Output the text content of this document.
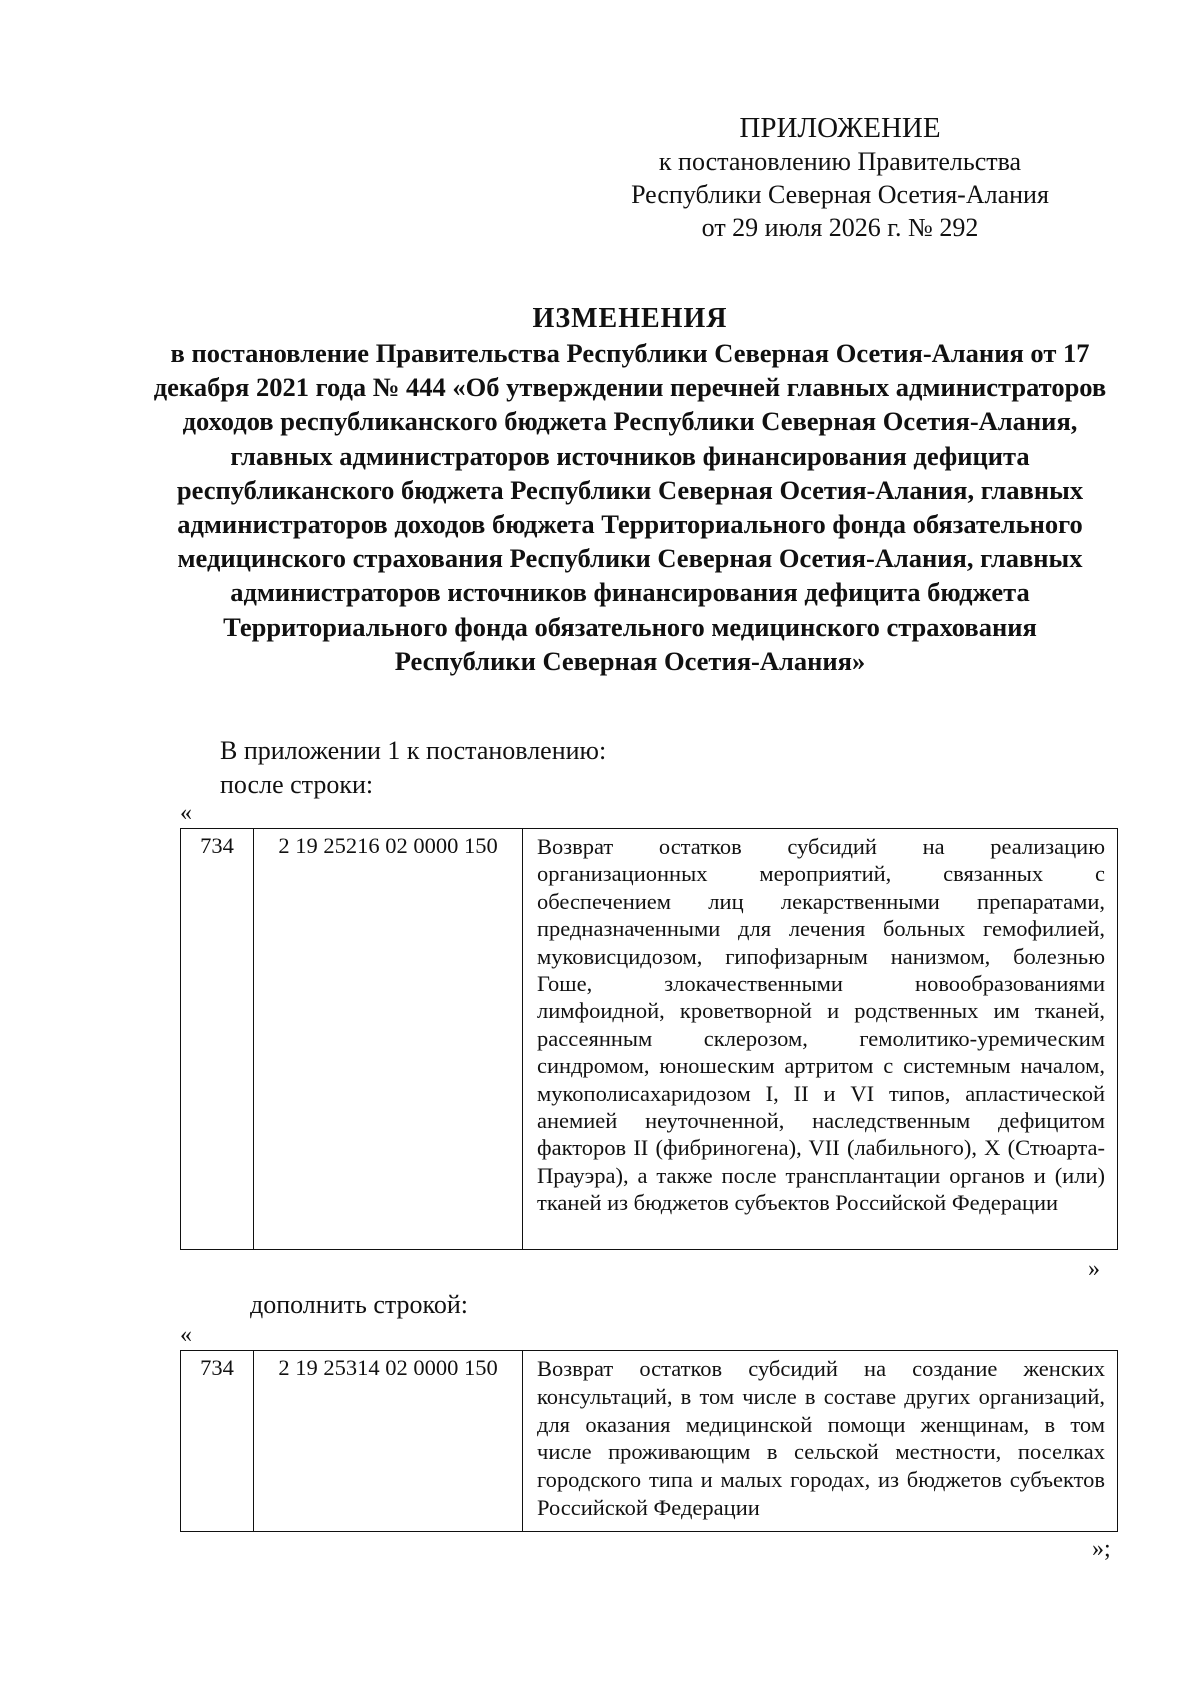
ПРИЛОЖЕНИЕ
к постановлению Правительства
Республики Северная Осетия-Алания
от 29 июля 2026 г. № 292
ИЗМЕНЕНИЯ
в постановление Правительства Республики Северная Осетия-Алания от 17 декабря 2021 года № 444 «Об утверждении перечней главных администраторов доходов республиканского бюджета Республики Северная Осетия-Алания, главных администраторов источников финансирования дефицита республиканского бюджета Республики Северная Осетия-Алания, главных администраторов доходов бюджета Территориального фонда обязательного медицинского страхования Республики Северная Осетия-Алания, главных администраторов источников финансирования дефицита бюджета Территориального фонда обязательного медицинского страхования Республики Северная Осетия-Алания»
В приложении 1 к постановлению:
после строки:
«
734	2 19 25216 02 0000 150	Возврат остатков субсидий на реализацию организационных мероприятий, связанных с обеспечением лиц лекарственными препаратами, предназначенными для лечения больных гемофилией, муковисцидозом, гипофизарным нанизмом, болезнью Гоше, злокачественными новообразованиями лимфоидной, кроветворной и родственных им тканей, рассеянным склерозом, гемолитико-уремическим синдромом, юношеским артритом с системным началом, мукополисахаридозом I, II и VI типов, апластической анемией неуточненной, наследственным дефицитом факторов II (фибриногена), VII (лабильного), X (Стюарта-Прауэра), а также после трансплантации органов и (или) тканей из бюджетов субъектов Российской Федерации
»
дополнить строкой:
«
734	2 19 25314 02 0000 150	Возврат остатков субсидий на создание женских консультаций, в том числе в составе других организаций, для оказания медицинской помощи женщинам, в том числе проживающим в сельской местности, поселках городского типа и малых городах, из бюджетов субъектов Российской Федерации
»;
